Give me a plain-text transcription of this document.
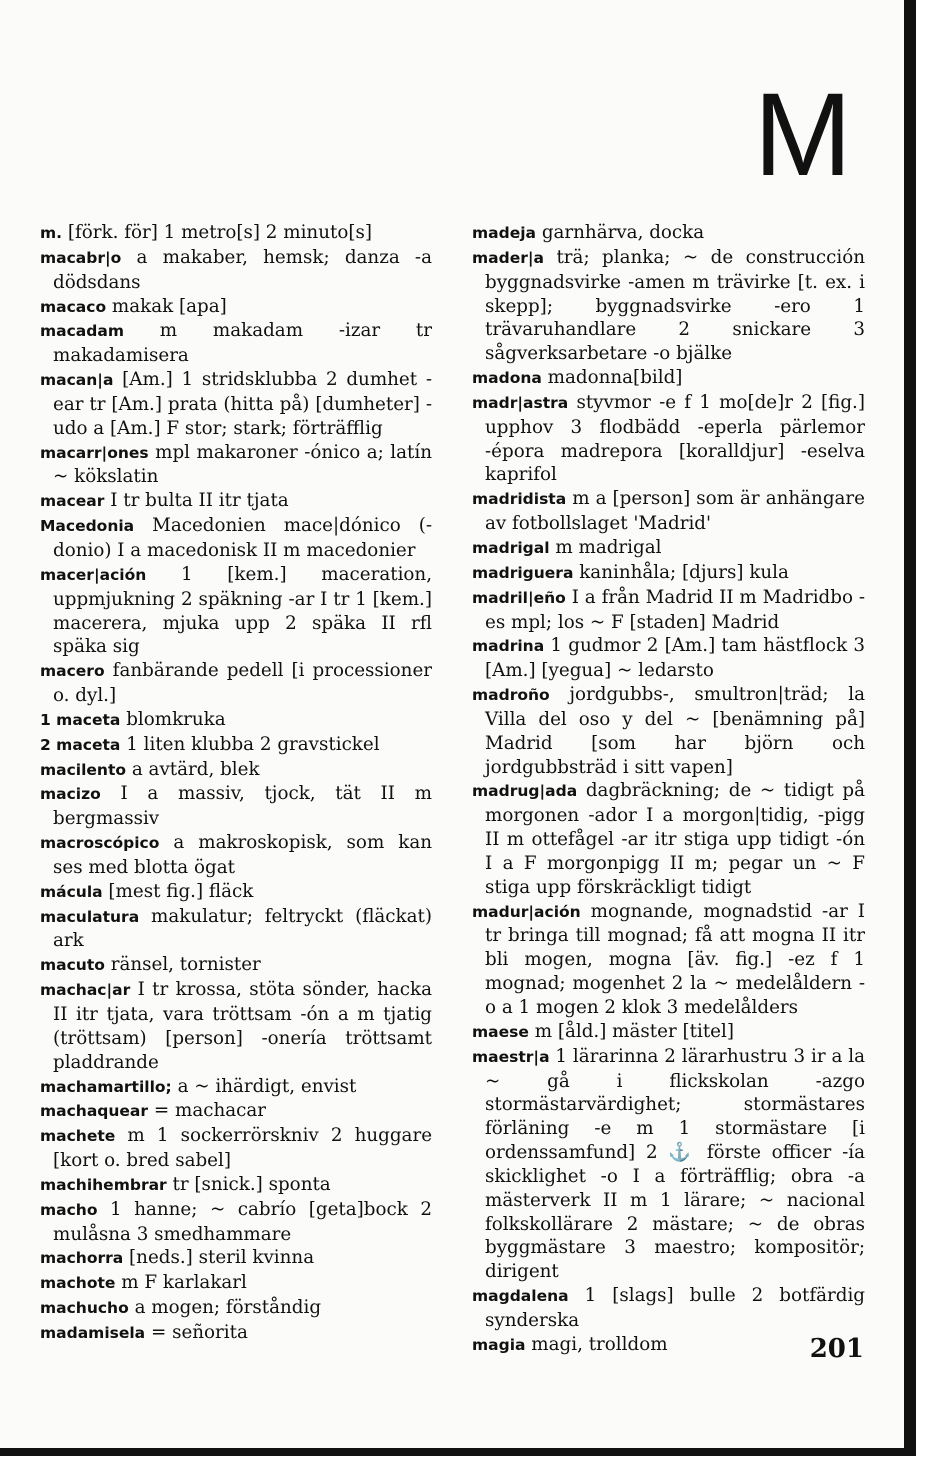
M

m. [förk. för] 1 metro[s] 2 minuto[s]

macabr|o a makaber, hemsk; danza -a dödsdans

macaco makak [apa]

macadam m makadam -izar tr makadamisera

macan|a [Am.] 1 stridsklubba 2 dumhet -ear tr [Am.] prata (hitta på) [dumheter] -udo a [Am.] F stor; stark; förträfflig

macarr|ones mpl makaroner -ónico a; latín ~ kökslatin

macear I tr bulta II itr tjata

Macedonia Macedonien mace|dónico (-donio) I a macedonisk II m macedonier

macer|ación 1 [kem.] maceration, uppmjukning 2 späkning -ar I tr 1 [kem.] macerera, mjuka upp 2 späka II rfl späka sig

macero fanbärande pedell [i processioner o. dyl.]

1 maceta blomkruka

2 maceta 1 liten klubba 2 gravstickel

macilento a avtärd, blek

macizo I a massiv, tjock, tät II m bergmassiv

macroscópico a makroskopisk, som kan ses med blotta ögat

mácula [mest fig.] fläck

maculatura makulatur; feltryckt (fläckat) ark

macuto ränsel, tornister

machac|ar I tr krossa, stöta sönder, hacka II itr tjata, vara tröttsam -ón a m tjatig (tröttsam) [person] -onería tröttsamt pladdrande

machamartillo; a ~ ihärdigt, envist

machaquear = machacar

machete m 1 sockerrörskniv 2 huggare [kort o. bred sabel]

machihembrar tr [snick.] sponta

macho 1 hanne; ~ cabrío [geta]bock 2 mulåsna 3 smedhammare

machorra [neds.] steril kvinna

machote m F karlakarl

machucho a mogen; förståndig

madamisela = señorita

madeja garnhärva, docka

mader|a trä; planka; ~ de construcción byggnadsvirke -amen m trävirke [t. ex. i skepp]; byggnadsvirke -ero 1 trävaruhandlare 2 snickare 3 sågverksarbetare -o bjälke

madona madonna[bild]

madr|astra styvmor -e f 1 mo[de]r 2 [fig.] upphov 3 flodbädd -eperla pärlemor -épora madrepora [koralldjur] -eselva kaprifol

madridista m a [person] som är anhängare av fotbollslaget 'Madrid'

madrigal m madrigal

madriguera kaninhåla; [djurs] kula

madril|eño I a från Madrid II m Madridbo -es mpl; los ~ F [staden] Madrid

madrina 1 gudmor 2 [Am.] tam hästflock 3 [Am.] [yegua] ~ ledarsto

madroño jordgubbs-, smultron|träd; la Villa del oso y del ~ [benämning på] Madrid [som har björn och jordgubbsträd i sitt vapen]

madrug|ada dagbräckning; de ~ tidigt på morgonen -ador I a morgon|tidig, -pigg II m ottefågel -ar itr stiga upp tidigt -ón I a F morgonpigg II m; pegar un ~ F stiga upp förskräckligt tidigt

madur|ación mognande, mognadstid -ar I tr bringa till mognad; få att mogna II itr bli mogen, mogna [äv. fig.] -ez f 1 mognad; mogenhet 2 la ~ medelåldern -o a 1 mogen 2 klok 3 medelålders

maese m [åld.] mäster [titel]

maestr|a 1 lärarinna 2 lärarhustru 3 ir a la ~ gå i flickskolan -azgo stormästarvärdighet; stormästares förläning -e m 1 stormästare [i ordenssamfund] 2 ⚓ förste officer -ía skicklighet -o I a förträfflig; obra -a mästerverk II m 1 lärare; ~ nacional folkskollärare 2 mästare; ~ de obras byggmästare 3 maestro; kompositör; dirigent

magdalena 1 [slags] bulle 2 botfärdig synderska

magia magi, trolldom	201
